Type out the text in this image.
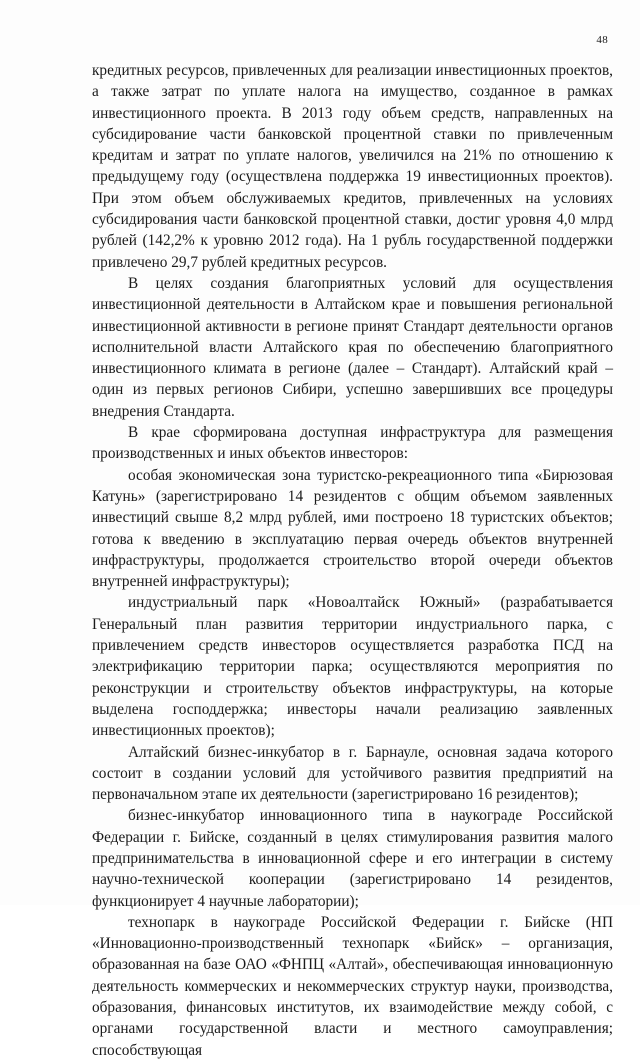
48

кредитных ресурсов, привлеченных для реализации инвестиционных проектов, а также затрат по уплате налога на имущество, созданное в рамках инвестиционного проекта. В 2013 году объем средств, направленных на субсидирование части банковской процентной ставки по привлеченным кредитам и затрат по уплате налогов, увеличился на 21% по отношению к предыдущему году (осуществлена поддержка 19 инвестиционных проектов). При этом объем обслуживаемых кредитов, привлеченных на условиях субсидирования части банковской процентной ставки, достиг уровня 4,0 млрд рублей (142,2% к уровню 2012 года). На 1 рубль государственной поддержки привлечено 29,7 рублей кредитных ресурсов.

В целях создания благоприятных условий для осуществления инвестиционной деятельности в Алтайском крае и повышения региональной инвестиционной активности в регионе принят Стандарт деятельности органов исполнительной власти Алтайского края по обеспечению благоприятного инвестиционного климата в регионе (далее – Стандарт). Алтайский край – один из первых регионов Сибири, успешно завершивших все процедуры внедрения Стандарта.

В крае сформирована доступная инфраструктура для размещения производственных и иных объектов инвесторов:

особая экономическая зона туристско-рекреационного типа «Бирюзовая Катунь» (зарегистрировано 14 резидентов с общим объемом заявленных инвестиций свыше 8,2 млрд рублей, ими построено 18 туристских объектов; готова к введению в эксплуатацию первая очередь объектов внутренней инфраструктуры, продолжается строительство второй очереди объектов внутренней инфраструктуры);

индустриальный парк «Новоалтайск Южный» (разрабатывается Генеральный план развития территории индустриального парка, с привлечением средств инвесторов осуществляется разработка ПСД на электрификацию территории парка; осуществляются мероприятия по реконструкции и строительству объектов инфраструктуры, на которые выделена господдержка; инвесторы начали реализацию заявленных инвестиционных проектов);

Алтайский бизнес-инкубатор в г. Барнауле, основная задача которого состоит в создании условий для устойчивого развития предприятий на первоначальном этапе их деятельности (зарегистрировано 16 резидентов);

бизнес-инкубатор инновационного типа в наукограде Российской Федерации г. Бийске, созданный в целях стимулирования развития малого предпринимательства в инновационной сфере и его интеграции в систему научно-технической кооперации (зарегистрировано 14 резидентов, функционирует 4 научные лаборатории);

технопарк в наукограде Российской Федерации г. Бийске (НП «Инновационно-производственный технопарк «Бийск» – организация, образованная на базе ОАО «ФНПЦ «Алтай», обеспечивающая инновационную деятельность коммерческих и некоммерческих структур науки, производства, образования, финансовых институтов, их взаимодействие между собой, с органами государственной власти и местного самоуправления; способствующая
